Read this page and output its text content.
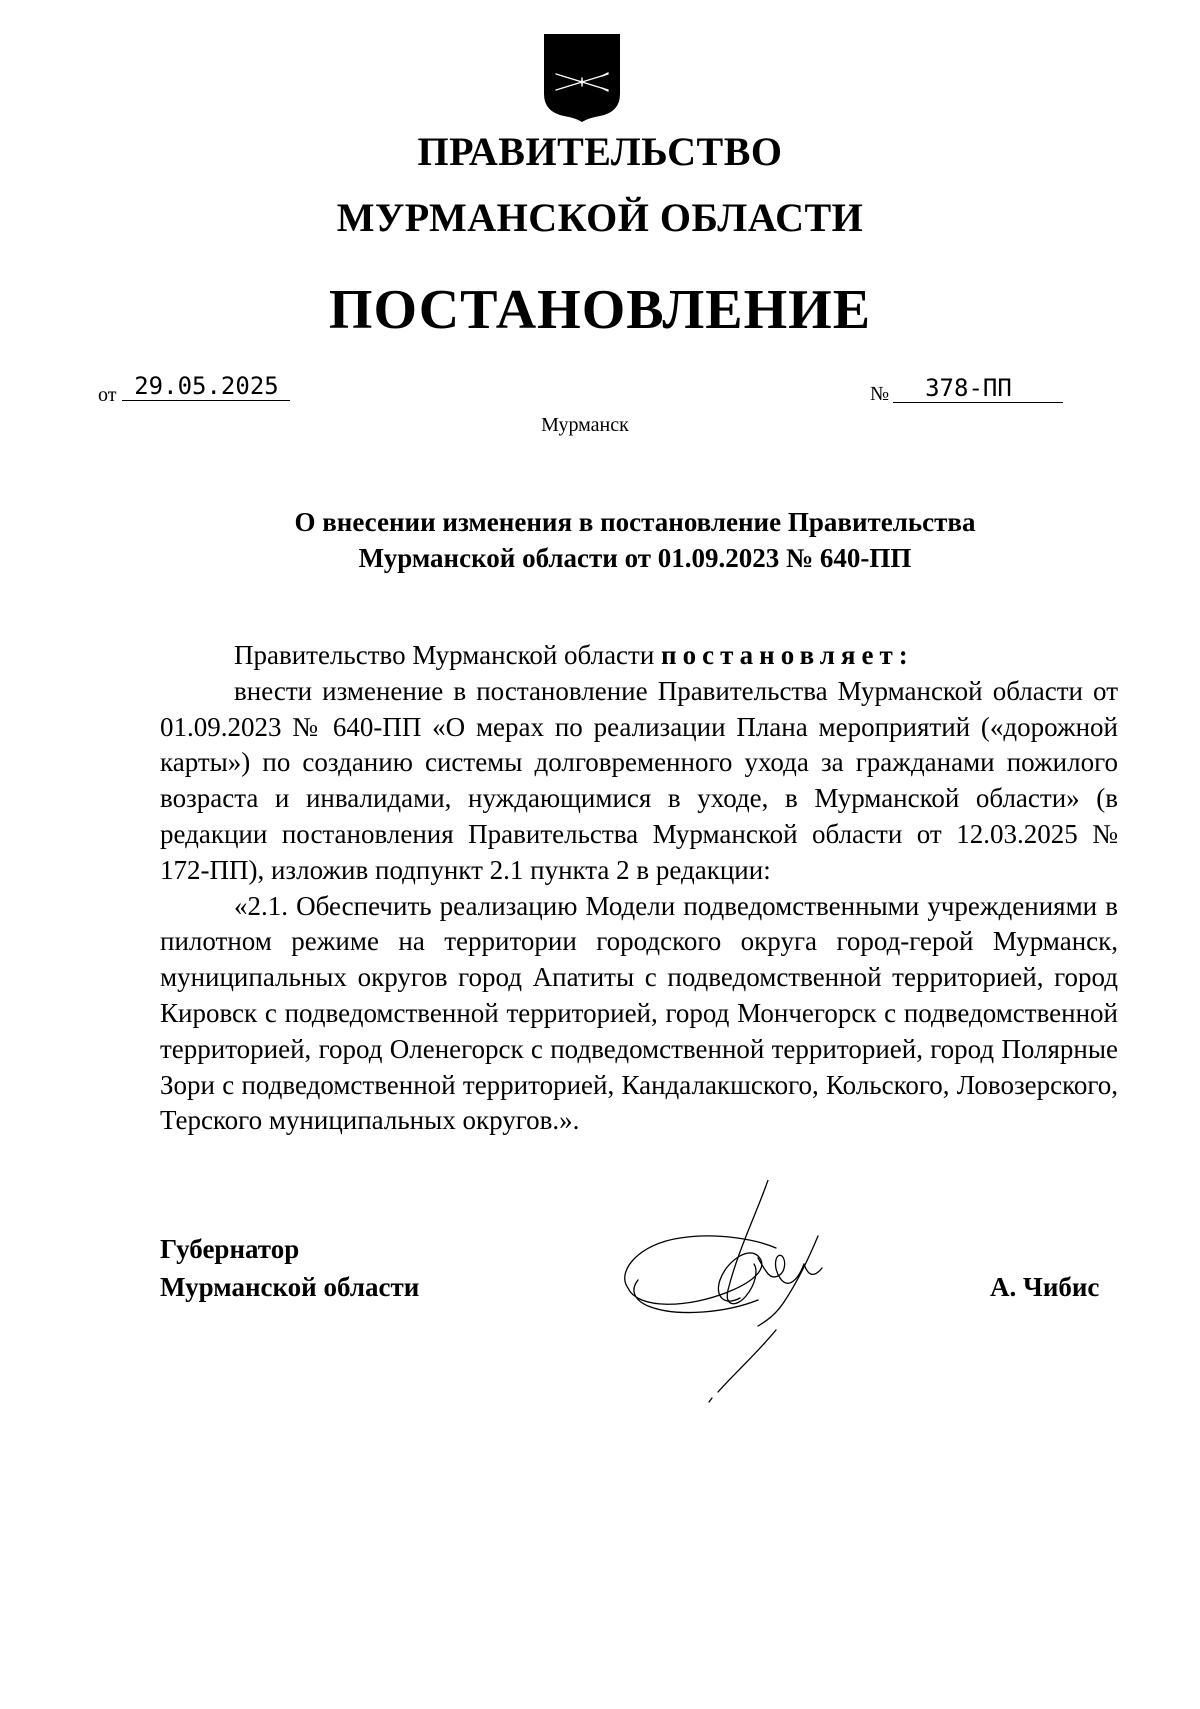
ПРАВИТЕЛЬСТВО
МУРМАНСКОЙ ОБЛАСТИ
ПОСТАНОВЛЕНИЕ
от 29.05.2025	№ 378-ПП
Мурманск
О внесении изменения в постановление Правительства
Мурманской области от 01.09.2023 № 640-ПП

Правительство Мурманской области постановляет:

внести изменение в постановление Правительства Мурманской области от 01.09.2023 № 640-ПП «О мерах по реализации Плана мероприятий («дорожной карты») по созданию системы долговременного ухода за гражданами пожилого возраста и инвалидами, нуждающимися в уходе, в Мурманской области» (в редакции постановления Правительства Мурманской области от 12.03.2025 № 172-ПП), изложив подпункт 2.1 пункта 2 в редакции:

«2.1. Обеспечить реализацию Модели подведомственными учреждениями в пилотном режиме на территории городского округа город-герой Мурманск, муниципальных округов город Апатиты с подведомственной территорией, город Кировск с подведомственной территорией, город Мончегорск с подведомственной территорией, город Оленегорск с подведомственной территорией, город Полярные Зори с подведомственной территорией, Кандалакшского, Кольского, Ловозерского, Терского муниципальных округов.».

Губернатор
Мурманской области	А. Чибис
